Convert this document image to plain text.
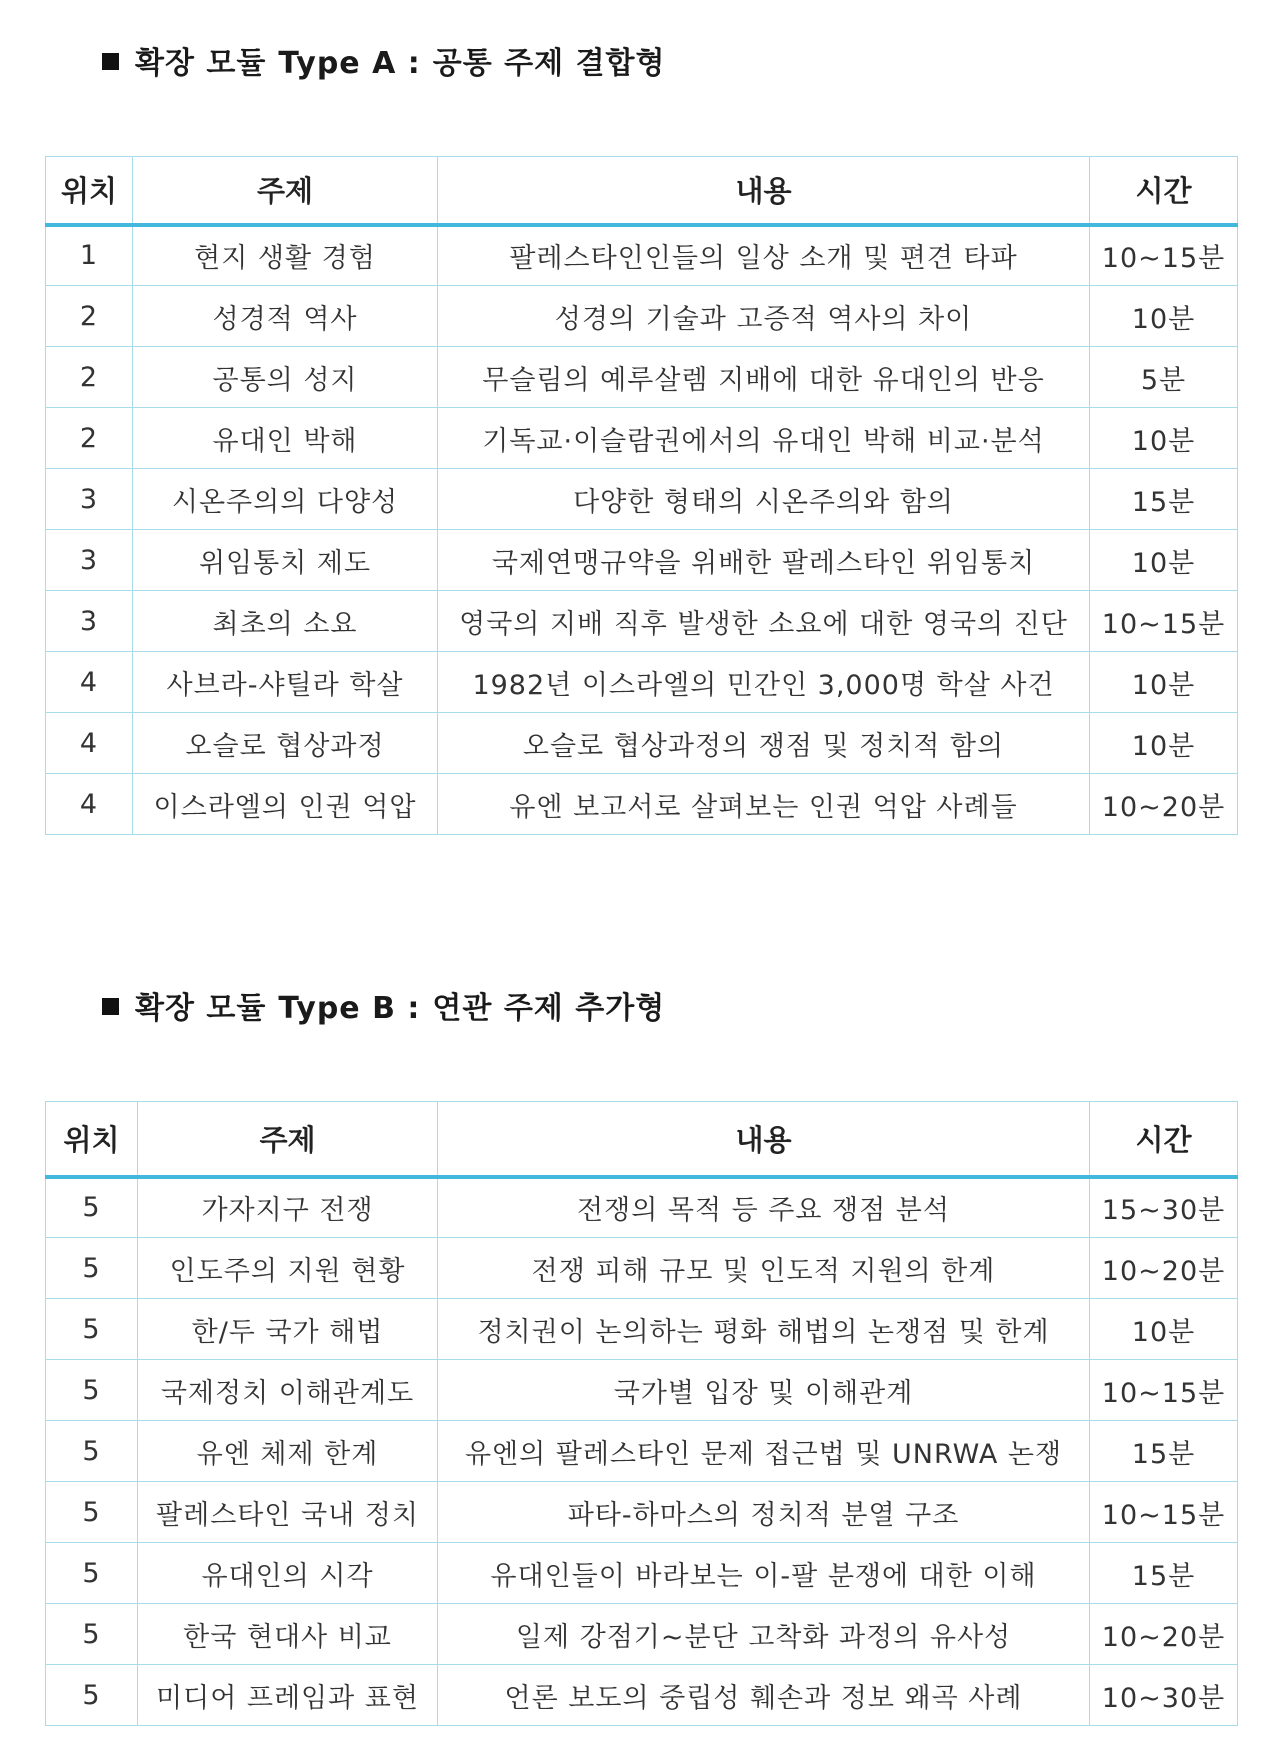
확장 모듈 Type A : 공통 주제 결합형
위치	주제	내용	시간
1	현지 생활 경험	팔레스타인인들의 일상 소개 및 편견 타파	10~15분
2	성경적 역사	성경의 기술과 고증적 역사의 차이	10분
2	공통의 성지	무슬림의 예루살렘 지배에 대한 유대인의 반응	5분
2	유대인 박해	기독교·이슬람권에서의 유대인 박해 비교·분석	10분
3	시온주의의 다양성	다양한 형태의 시온주의와 함의	15분
3	위임통치 제도	국제연맹규약을 위배한 팔레스타인 위임통치	10분
3	최초의 소요	영국의 지배 직후 발생한 소요에 대한 영국의 진단	10~15분
4	사브라-샤틸라 학살	1982년 이스라엘의 민간인 3,000명 학살 사건	10분
4	오슬로 협상과정	오슬로 협상과정의 쟁점 및 정치적 함의	10분
4	이스라엘의 인권 억압	유엔 보고서로 살펴보는 인권 억압 사례들	10~20분
확장 모듈 Type B : 연관 주제 추가형
위치	주제	내용	시간
5	가자지구 전쟁	전쟁의 목적 등 주요 쟁점 분석	15~30분
5	인도주의 지원 현황	전쟁 피해 규모 및 인도적 지원의 한계	10~20분
5	한/두 국가 해법	정치권이 논의하는 평화 해법의 논쟁점 및 한계	10분
5	국제정치 이해관계도	국가별 입장 및 이해관계	10~15분
5	유엔 체제 한계	유엔의 팔레스타인 문제 접근법 및 UNRWA 논쟁	15분
5	팔레스타인 국내 정치	파타-하마스의 정치적 분열 구조	10~15분
5	유대인의 시각	유대인들이 바라보는 이-팔 분쟁에 대한 이해	15분
5	한국 현대사 비교	일제 강점기~분단 고착화 과정의 유사성	10~20분
5	미디어 프레임과 표현	언론 보도의 중립성 훼손과 정보 왜곡 사례	10~30분
